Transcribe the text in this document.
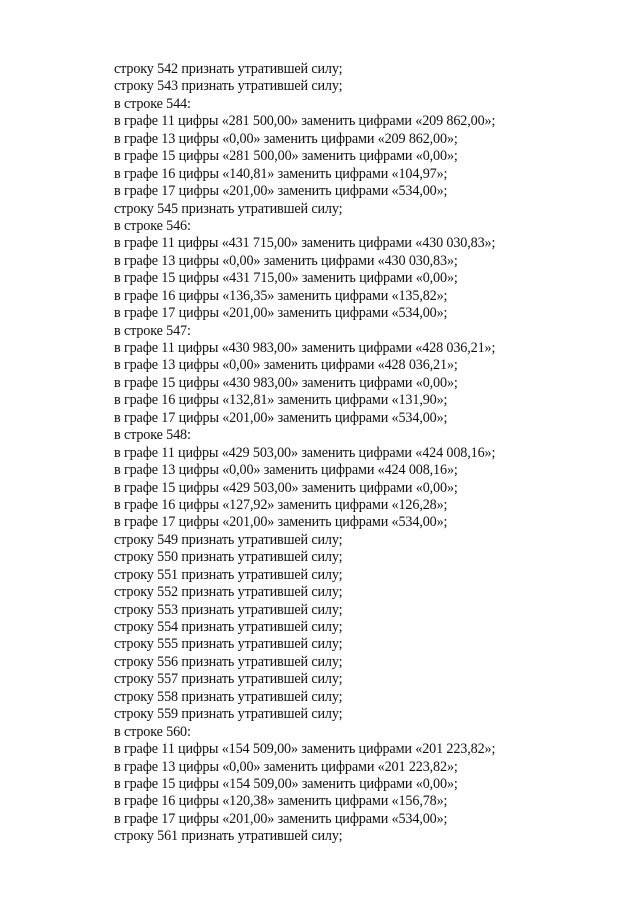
строку 542 признать утратившей силу;
строку 543 признать утратившей силу;
в строке 544:
в графе 11 цифры «281 500,00» заменить цифрами «209 862,00»;
в графе 13 цифры «0,00» заменить цифрами «209 862,00»;
в графе 15 цифры «281 500,00» заменить цифрами «0,00»;
в графе 16 цифры «140,81» заменить цифрами «104,97»;
в графе 17 цифры «201,00» заменить цифрами «534,00»;
строку 545 признать утратившей силу;
в строке 546:
в графе 11 цифры «431 715,00» заменить цифрами «430 030,83»;
в графе 13 цифры «0,00» заменить цифрами «430 030,83»;
в графе 15 цифры «431 715,00» заменить цифрами «0,00»;
в графе 16 цифры «136,35» заменить цифрами «135,82»;
в графе 17 цифры «201,00» заменить цифрами «534,00»;
в строке 547:
в графе 11 цифры «430 983,00» заменить цифрами «428 036,21»;
в графе 13 цифры «0,00» заменить цифрами «428 036,21»;
в графе 15 цифры «430 983,00» заменить цифрами «0,00»;
в графе 16 цифры «132,81» заменить цифрами «131,90»;
в графе 17 цифры «201,00» заменить цифрами «534,00»;
в строке 548:
в графе 11 цифры «429 503,00» заменить цифрами «424 008,16»;
в графе 13 цифры «0,00» заменить цифрами «424 008,16»;
в графе 15 цифры «429 503,00» заменить цифрами «0,00»;
в графе 16 цифры «127,92» заменить цифрами «126,28»;
в графе 17 цифры «201,00» заменить цифрами «534,00»;
строку 549 признать утратившей силу;
строку 550 признать утратившей силу;
строку 551 признать утратившей силу;
строку 552 признать утратившей силу;
строку 553 признать утратившей силу;
строку 554 признать утратившей силу;
строку 555 признать утратившей силу;
строку 556 признать утратившей силу;
строку 557 признать утратившей силу;
строку 558 признать утратившей силу;
строку 559 признать утратившей силу;
в строке 560:
в графе 11 цифры «154 509,00» заменить цифрами «201 223,82»;
в графе 13 цифры «0,00» заменить цифрами «201 223,82»;
в графе 15 цифры «154 509,00» заменить цифрами «0,00»;
в графе 16 цифры «120,38» заменить цифрами «156,78»;
в графе 17 цифры «201,00» заменить цифрами «534,00»;
строку 561 признать утратившей силу;
